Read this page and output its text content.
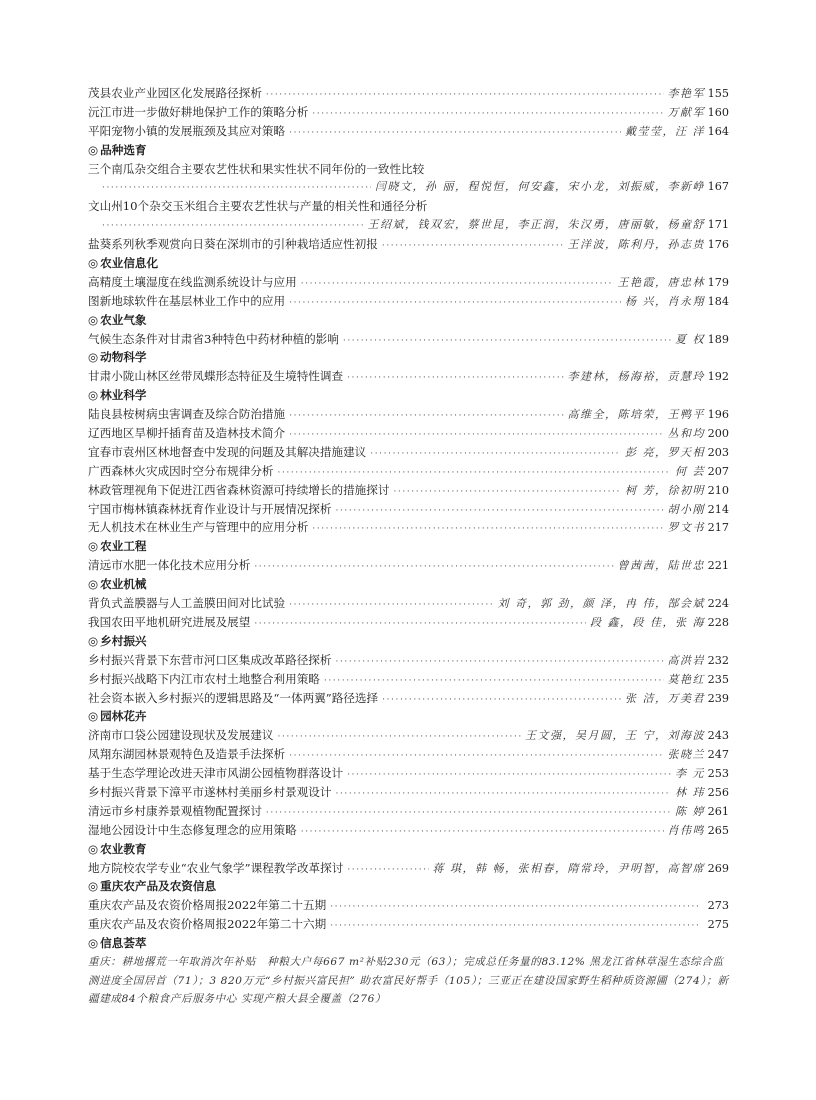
茂县农业产业园区化发展路径探析 ·····	李艳军 155
沅江市进一步做好耕地保护工作的策略分析 ·····	万献军 160
平阳宠物小镇的发展瓶颈及其应对策略 ·····	戴莹莹，汪 洋 164
◎ 品种选育
三个南瓜杂交组合主要农艺性状和果实性状不同年份的一致性比较
·····
闫晓文，孙 丽，程悦恒，何安鑫，宋小龙，刘振威，李新峥 167
文山州10个杂交玉米组合主要农艺性状与产量的相关性和通径分析
·····
王绍斌，钱双宏，蔡世昆，李正润，朱汉勇，唐丽敏，杨童舒 171
盐葵系列秋季观赏向日葵在深圳市的引种栽培适应性初报 ·····	王洋波，陈利丹，孙志贵 176
◎ 农业信息化
高精度土壤湿度在线监测系统设计与应用 ·····	王艳霞，唐忠林 179
图新地球软件在基层林业工作中的应用 ·····	杨 兴，肖永翔 184
◎ 农业气象
气候生态条件对甘肃省3种特色中药材种植的影响 ·····	夏 权 189
◎ 动物科学
甘肃小陇山林区丝带凤蝶形态特征及生境特性调查 ·····	李建林，杨海裕，贡慧玲 192
◎ 林业科学
陆良县桉树病虫害调查及综合防治措施 ·····	高维全，陈培荣，王鸭平 196
辽西地区旱柳扦插育苗及造林技术简介 ·····	丛和均 200
宜春市袁州区林地督查中发现的问题及其解决措施建议 ·····	彭 亮，罗天相 203
广西森林火灾成因时空分布规律分析 ·····	何 芸 207
林政管理视角下促进江西省森林资源可持续增长的措施探讨 ·····	柯 芳，徐初明 210
宁国市梅林镇森林抚育作业设计与开展情况探析 ·····	胡小刚 214
无人机技术在林业生产与管理中的应用分析 ·····	罗文书 217
◎ 农业工程
清远市水肥一体化技术应用分析 ·····	曾茜茜，陆世忠 221
◎ 农业机械
背负式盖膜器与人工盖膜田间对比试验 ·····	刘 奇，郭 劲，颜 泽，冉 伟，郜会斌 224
我国农田平地机研究进展及展望 ·····	段 鑫，段 佳，张 海 228
◎ 乡村振兴
乡村振兴背景下东营市河口区集成改革路径探析 ·····	高洪岩 232
乡村振兴战略下内江市农村土地整合利用策略 ·····	莫艳红 235
社会资本嵌入乡村振兴的逻辑思路及“一体两翼”路径选择 ·····	张 洁，万美君 239
◎ 园林花卉
济南市口袋公园建设现状及发展建议 ·····	王文强，吴月圆，王 宁，刘海波 243
凤翔东湖园林景观特色及造景手法探析 ·····	张晓兰 247
基于生态学理论改进天津市风湖公园植物群落设计 ·····	李 元 253
乡村振兴背景下漳平市遂林村美丽乡村景观设计 ·····	林 玮 256
清远市乡村康养景观植物配置探讨 ·····	陈 婷 261
湿地公园设计中生态修复理念的应用策略 ·····	肖伟鸣 265
◎ 农业教育
地方院校农学专业“农业气象学”课程教学改革探讨 ·····	蒋 琪，韩 畅，张相春，隋常玲，尹明智，高智席 269
◎ 重庆农产品及农资信息
重庆农产品及农资价格周报2022年第二十五期 ·····	273
重庆农产品及农资价格周报2022年第二十六期 ·····	275
◎ 信息荟萃
重庆：耕地撂荒一年取消次年补贴　种粮大户每667 m²补贴230元（63）；完成总任务量的83.12% 黑龙江省林草湿生态综合监测进度全国居首（71）；3 820万元“乡村振兴富民担” 助农富民好帮手（105）；三亚正在建设国家野生稻种质资源圃（274）；新疆建成84个粮食产后服务中心 实现产粮大县全覆盖（276）
